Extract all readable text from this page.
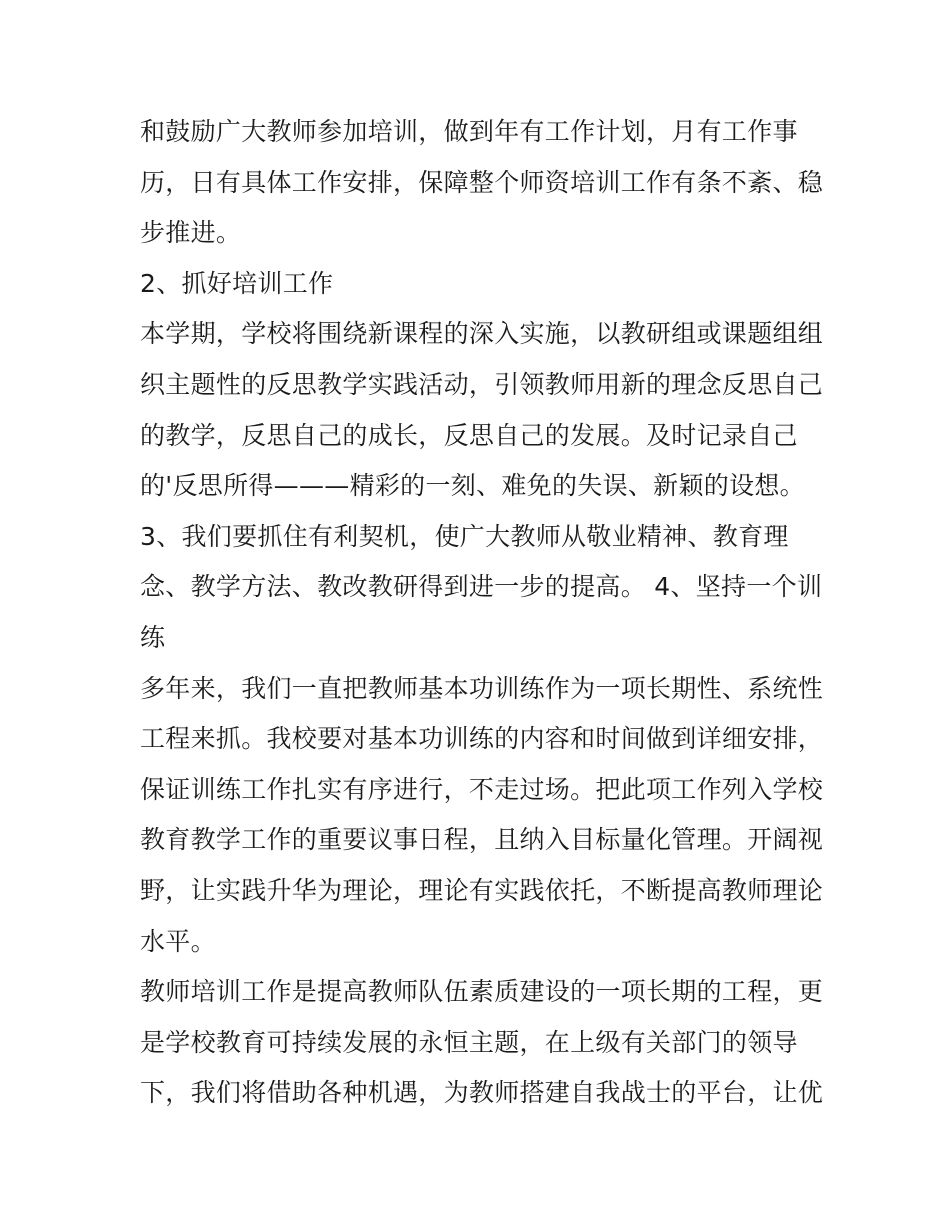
和鼓励广大教师参加培训，做到年有工作计划，月有工作事
历，日有具体工作安排，保障整个师资培训工作有条不紊、稳
步推进。
2、抓好培训工作
本学期，学校将围绕新课程的深入实施，以教研组或课题组组
织主题性的反思教学实践活动，引领教师用新的理念反思自己
的教学，反思自己的成长，反思自己的发展。及时记录自己
的'反思所得———精彩的一刻、难免的失误、新颖的设想。
3、我们要抓住有利契机，使广大教师从敬业精神、教育理
念、教学方法、教改教研得到进一步的提高。 4、坚持一个训
练
多年来，我们一直把教师基本功训练作为一项长期性、系统性
工程来抓。我校要对基本功训练的内容和时间做到详细安排，
保证训练工作扎实有序进行，不走过场。把此项工作列入学校
教育教学工作的重要议事日程，且纳入目标量化管理。开阔视
野，让实践升华为理论，理论有实践依托，不断提高教师理论
水平。
教师培训工作是提高教师队伍素质建设的一项长期的工程，更
是学校教育可持续发展的永恒主题，在上级有关部门的领导
下，我们将借助各种机遇，为教师搭建自我战士的平台，让优
